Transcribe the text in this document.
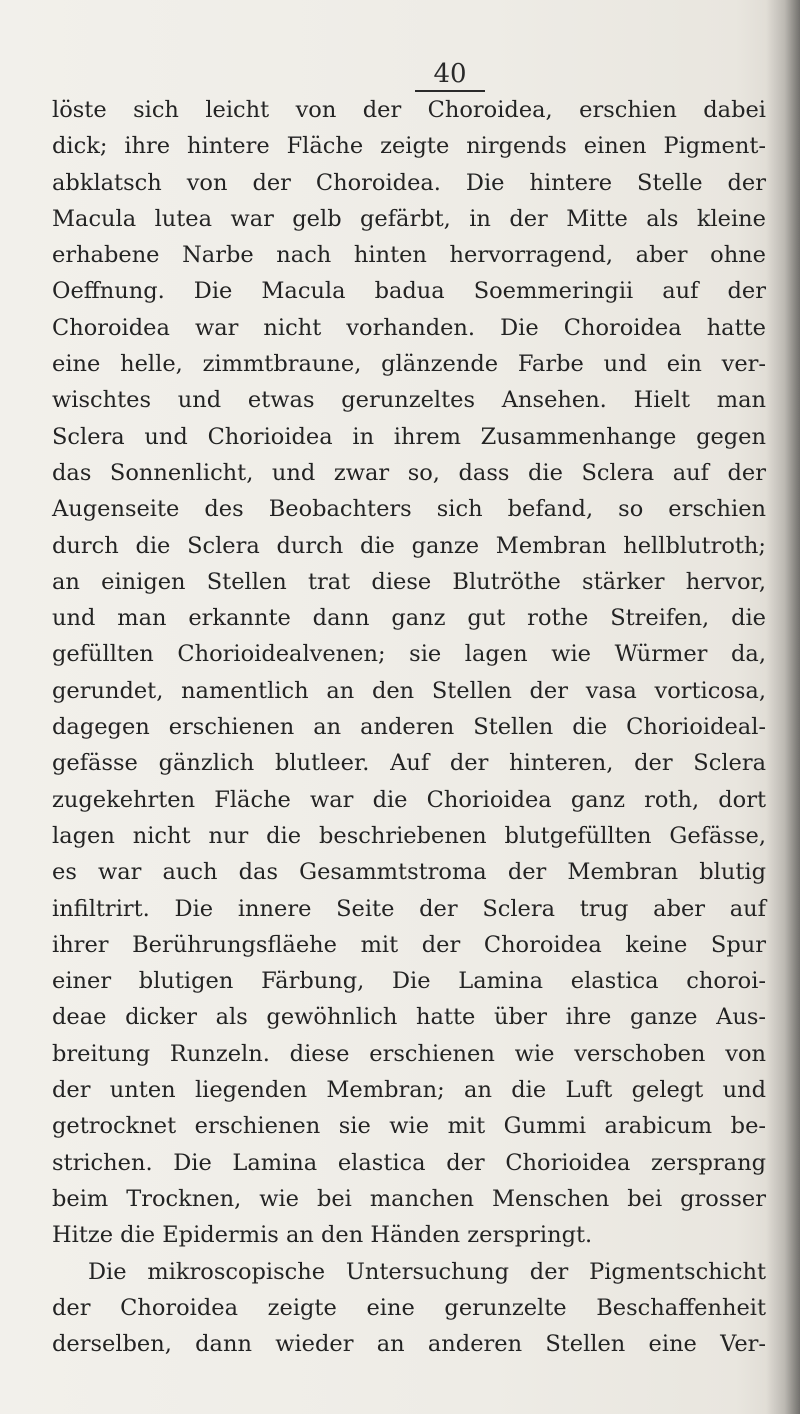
40
löste sich leicht von der Choroidea, erschien dabei
dick; ihre hintere Fläche zeigte nirgends einen Pigment-
abklatsch von der Choroidea. Die hintere Stelle der
Macula lutea war gelb gefärbt, in der Mitte als kleine
erhabene Narbe nach hinten hervorragend, aber ohne
Oeffnung. Die Macula badua Soemmeringii auf der
Choroidea war nicht vorhanden. Die Choroidea hatte
eine helle, zimmtbraune, glänzende Farbe und ein ver-
wischtes und etwas gerunzeltes Ansehen. Hielt man
Sclera und Chorioidea in ihrem Zusammenhange gegen
das Sonnenlicht, und zwar so, dass die Sclera auf der
Augenseite des Beobachters sich befand, so erschien
durch die Sclera durch die ganze Membran hellblutroth;
an einigen Stellen trat diese Blutröthe stärker hervor,
und man erkannte dann ganz gut rothe Streifen, die
gefüllten Chorioidealvenen; sie lagen wie Würmer da,
gerundet, namentlich an den Stellen der vasa vorticosa,
dagegen erschienen an anderen Stellen die Chorioideal-
gefässe gänzlich blutleer. Auf der hinteren, der Sclera
zugekehrten Fläche war die Chorioidea ganz roth, dort
lagen nicht nur die beschriebenen blutgefüllten Gefässe,
es war auch das Gesammtstroma der Membran blutig
infiltrirt. Die innere Seite der Sclera trug aber auf
ihrer Berührungsfläehe mit der Choroidea keine Spur
einer blutigen Färbung, Die Lamina elastica choroi-
deae dicker als gewöhnlich hatte über ihre ganze Aus-
breitung Runzeln. diese erschienen wie verschoben von
der unten liegenden Membran; an die Luft gelegt und
getrocknet erschienen sie wie mit Gummi arabicum be-
strichen. Die Lamina elastica der Chorioidea zersprang
beim Trocknen, wie bei manchen Menschen bei grosser
Hitze die Epidermis an den Händen zerspringt.
Die mikroscopische Untersuchung der Pigmentschicht
der Choroidea zeigte eine gerunzelte Beschaffenheit
derselben, dann wieder an anderen Stellen eine Ver-
